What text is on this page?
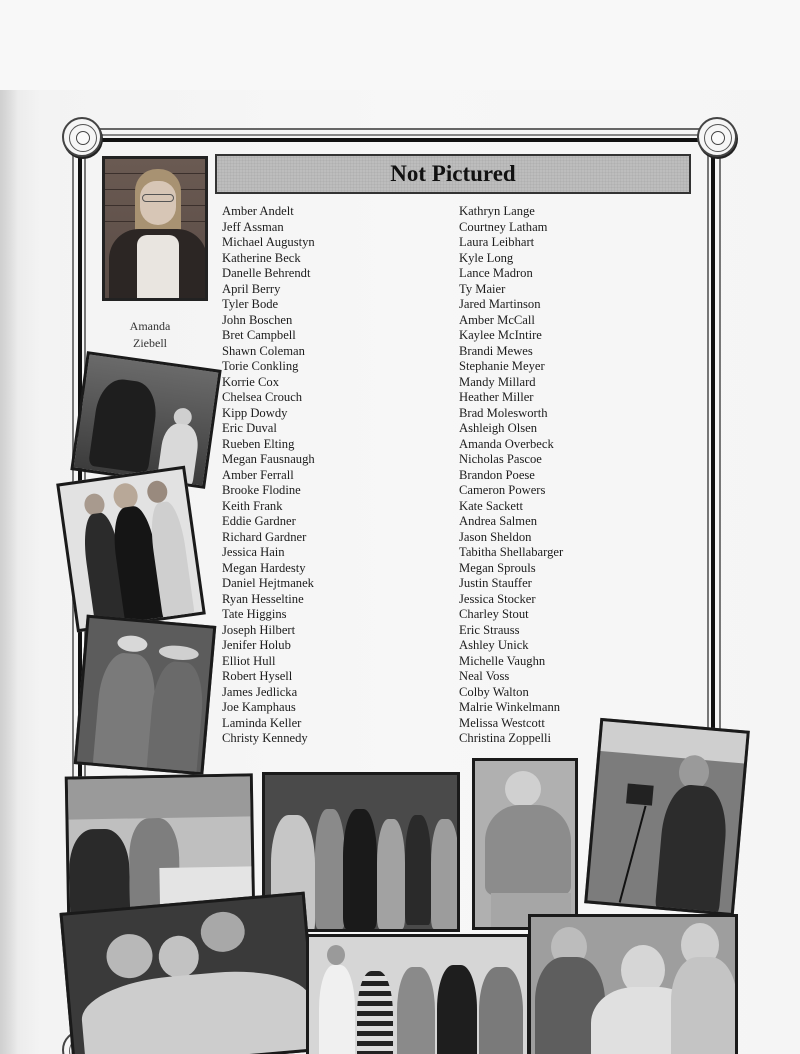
Not Pictured
Amanda
Ziebell
Amber Andelt
Jeff Assman
Michael Augustyn
Katherine Beck
Danelle Behrendt
April Berry
Tyler Bode
John Boschen
Bret Campbell
Shawn Coleman
Torie Conkling
Korrie Cox
Chelsea Crouch
Kipp Dowdy
Eric Duval
Rueben Elting
Megan Fausnaugh
Amber Ferrall
Brooke Flodine
Keith Frank
Eddie Gardner
Richard Gardner
Jessica Hain
Megan Hardesty
Daniel Hejtmanek
Ryan Hesseltine
Tate Higgins
Joseph Hilbert
Jenifer Holub
Elliot Hull
Robert Hysell
James Jedlicka
Joe Kamphaus
Laminda Keller
Christy Kennedy
Kathryn Lange
Courtney Latham
Laura Leibhart
Kyle Long
Lance Madron
Ty Maier
Jared Martinson
Amber McCall
Kaylee McIntire
Brandi Mewes
Stephanie Meyer
Mandy Millard
Heather Miller
Brad Molesworth
Ashleigh Olsen
Amanda Overbeck
Nicholas Pascoe
Brandon Poese
Cameron Powers
Kate Sackett
Andrea Salmen
Jason Sheldon
Tabitha Shellabarger
Megan Sprouls
Justin Stauffer
Jessica Stocker
Charley Stout
Eric Strauss
Ashley Unick
Michelle Vaughn
Neal Voss
Colby Walton
Malrie Winkelmann
Melissa Westcott
Christina Zoppelli
